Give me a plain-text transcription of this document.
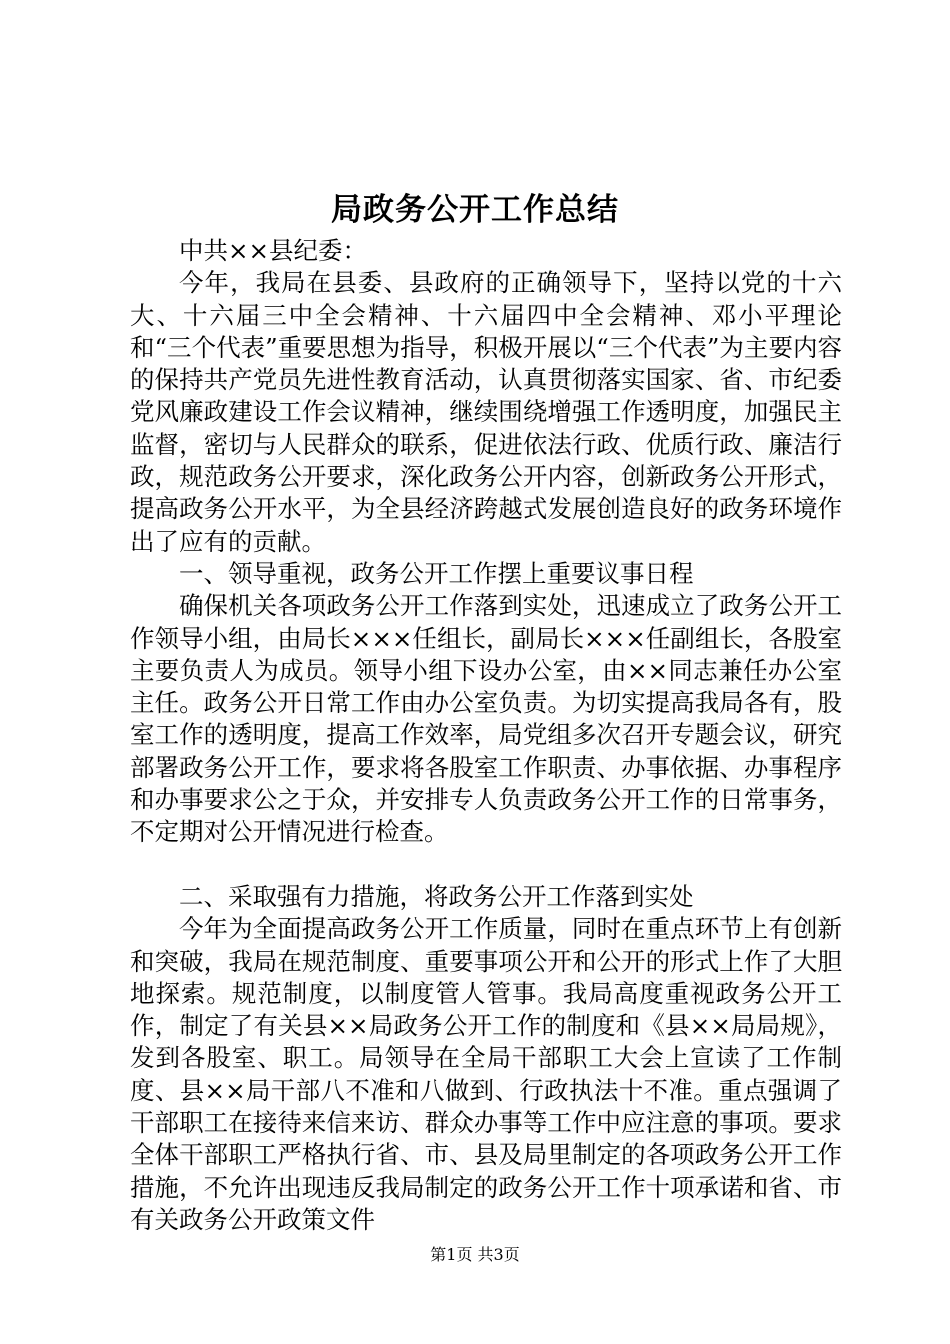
局政务公开工作总结

中共××县纪委：

今年，我局在县委、县政府的正确领导下，坚持以党的十六大、十六届三中全会精神、十六届四中全会精神、邓小平理论和“三个代表”重要思想为指导，积极开展以“三个代表”为主要内容的保持共产党员先进性教育活动，认真贯彻落实国家、省、市纪委党风廉政建设工作会议精神，继续围绕增强工作透明度，加强民主监督，密切与人民群众的联系，促进依法行政、优质行政、廉洁行政，规范政务公开要求，深化政务公开内容，创新政务公开形式，提高政务公开水平，为全县经济跨越式发展创造良好的政务环境作出了应有的贡献。

一、领导重视，政务公开工作摆上重要议事日程

确保机关各项政务公开工作落到实处，迅速成立了政务公开工作领导小组，由局长×××任组长，副局长×××任副组长，各股室主要负责人为成员。领导小组下设办公室，由××同志兼任办公室主任。政务公开日常工作由办公室负责。为切实提高我局各有，股室工作的透明度，提高工作效率，局党组多次召开专题会议，研究部署政务公开工作，要求将各股室工作职责、办事依据、办事程序和办事要求公之于众，并安排专人负责政务公开工作的日常事务，不定期对公开情况进行检查。

二、采取强有力措施，将政务公开工作落到实处

今年为全面提高政务公开工作质量，同时在重点环节上有创新和突破，我局在规范制度、重要事项公开和公开的形式上作了大胆地探索。规范制度，以制度管人管事。我局高度重视政务公开工作，制定了有关县××局政务公开工作的制度和《县××局局规》，发到各股室、职工。局领导在全局干部职工大会上宣读了工作制度、县××局干部八不准和八做到、行政执法十不准。重点强调了干部职工在接待来信来访、群众办事等工作中应注意的事项。要求全体干部职工严格执行省、市、县及局里制定的各项政务公开工作措施，不允许出现违反我局制定的政务公开工作十项承诺和省、市有关政务公开政策文件

第1页 共3页
